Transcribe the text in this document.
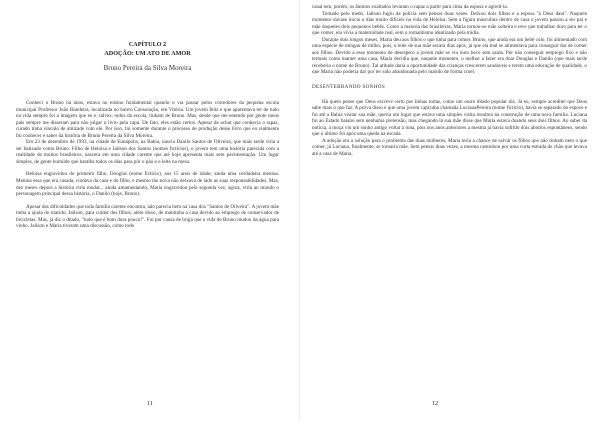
CAPÍTULO 2
ADOÇÃO: UM ATO DE AMOR
Bruno Pereira da Silva Moreira

Conheci o Bruno há anos, estava no ensino fundamental quando o via passar pelos corredores da pequena escola municipal Professor João Bandeira, localizada no bairro Consolação, em Vitória. Um jovem feliz e que aparentava ter de tudo na vida sempre foi a imagem que eu e, talvez, todos da escola, tinham de Bruno. Mas, desde que me entendo por gente meus pais sempre me disseram para não julgar o livro pela capa. De fato, eles estão certos. Apesar de achar que conhecia o rapaz, curado tinha vínculo de amizade com ele. Por isso, foi somente durante o processo de produção desse livro que eu realmente fui conhecer e saber da história de Bruno Pereira da Silva Moreira.

Em 23 de dezembro de 1993, na cidade de Eunápolis, na Bahia, nascia Danilo Santos de Oliveira, que mais tarde viria a ser batizado como Bruno. Filho de Heloísa e Jailson dos Santos (nomes fictícios), o jovem tem uma história parecida com a realidade de muitos brasileiros, nascera em uma cidade carente que até hoje apresenta mais sem pavimentação. Um lugar simples, de gente humilde que batalha todos os dias para pôr o pão e o leite na mesa.

Heloísa engravidou do primeiro filho, Douglas (nome fictício), aos 15 anos de idade, ainda uma verdadeira menina. Menina essa que era casada, cuidava da casa e do filho, e mesmo tão nova não deixava de lado as suas responsabilidades. Mas, dez meses depois a história viria mudar... ainda amamentando, Maria engravidou pela segunda vez, agora, viria ao mundo o personagem principal dessa história, o Danilo (hoje, Bruno).

Apesar das dificuldades que toda família carente encontra, não parecia bem na casa dos "Santos de Oliveira". A jovem mãe tinha a ajuda do marido, Jailson, para cuidar dos filhos; além disso, de mantinha a casa devido ao emprego de conservador de bicicletas. Mas, já diz o ditado, "tudo que é bom dura pouco!". Foi por causa de briga que a vida de Bruno mudou da água para vinho. Jailson e Maria tiveram uma discussão, como todo

11	12

casal tem, porém, os ânimos exaltados levaram o rapaz a partir para cima da esposa e agredi-la.

Tomado pelo medo, Jailson fugiu da polícia sem pensar duas vezes. Deixou dois filhos e a esposa "à Deus dará". Naquele momento davase início a dias muito difíceis na vida de Heloísa. Sem a figura masculina dentro de casa o jovem passou a ser pai e mãe daqueles dois pequenos bebês. Como a maioria das brasileiras, Maria tornou-se mãe solteira e teve que trabalhar duro para ter o que comer, ela vivia a maternidade real, sem o romantismo idealizado pela mídia.

Durante dois longos meses, Maria deu aos filhos o que tinha para comer. Bruno, que ainda era um bebê colo, foi alimentado com uma espécie de mingau de milho, pois, o leite de sua mãe secara dias após, já que ela mal se alimentava para conseguir dar de comer aos filhos. Devido a esse momento de desespero a jovem mãe se viu num beco sem saída. Por não conseguir emprego fixo e não termais como manter uma casa, Maria decidiu que, naquele momento, o melhor a fazer era doar Douglas e Danilo (que mais tarde receberia o nome de Bruno). Tal atitude daria a oportunidade das crianças crescerem saudáveis e terem uma educação de qualidade, o que Maria não poderia dar por ter sido abandonada pelo marido de forma cruel.

DESENTERRANDO SONHOS

Há quem pense que Deus escreve certo por linhas tortas, como um outro ditado popular diz. Já eu, sempre acreditei que Deus sabe mais o que faz. A prova disso é que uma jovem capixaba chamada LucianaPereira (nome fictício), havia se separado do esposo e foi até a Bahia visitar sua mãe, queria um lugar que estava uma simples visita resultou na construção de uma nova família. Luciana foi ao Estado baiano sem nenhuma pretensão, mas chegando lá sua mãe disse que Maria estava doando seus dois filhos. Ao saber da notícia, a moça viu um sonho antigo voltar à tona, pois nos anos anteriores a mesma já havia sofrido dois abortos espontâneos, sendo que o último foi após uma queda na escada.

A adoção era a solução para o problema das duas mulheres, Maria teria a chance de salvar os filhos que não tinham nem o que comer, já Luciana, finalmente, se tornaria mãe. Sem pensar duas vezes, a mesma caminhou por uma curta estrada de chão que levava até a casa de Maria,
